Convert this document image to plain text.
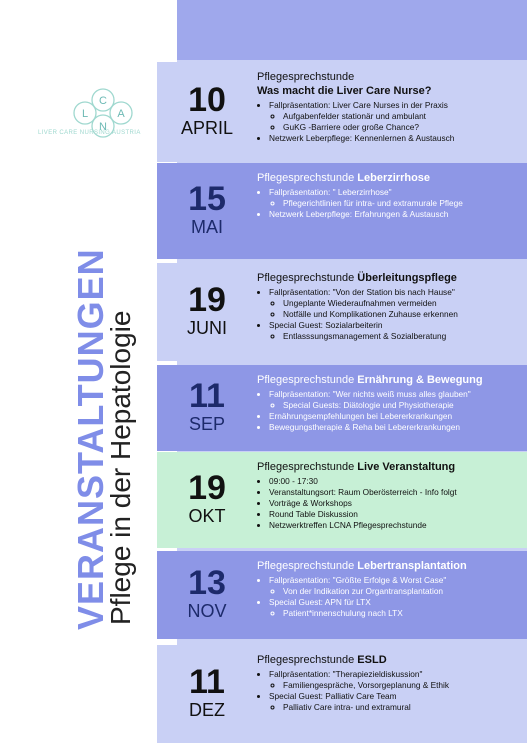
C
L	A
N
LIVER CARE NURSING AUSTRIA
VERANSTALTUNGEN
Pflege in der Hepatologie
10
APRIL
Pflegesprechstunde
Was macht die Liver Care Nurse?
• Fallpräsentation: Liver Care Nurses in der Praxis
◦ Aufgabenfelder stationär und ambulant
◦ GuKG -Barriere oder große Chance?
• Netzwerk Leberpflege: Kennenlernen & Austausch
15
MAI
Pflegesprechstunde Leberzirrhose
• Fallpräsentation: " Leberzirrhose"
◦ Pflegerichtlinien für intra- und extramurale Pflege
• Netzwerk Leberpflege: Erfahrungen & Austausch
19
JUNI
Pflegesprechstunde Überleitungspflege
• Fallpräsentation: "Von der Station bis nach Hause"
◦ Ungeplante Wiederaufnahmen vermeiden
◦ Notfälle und Komplikationen Zuhause erkennen
• Special Guest: Sozialarbeiterin
◦ Entlasssungsmanagement & Sozialberatung
11
SEP
Pflegesprechstunde Ernährung & Bewegung
• Fallpräsentation: "Wer nichts weiß muss alles glauben"
◦ Special Guests: Diätologie und Physiotherapie
• Ernährungsempfehlungen bei Lebererkrankungen
• Bewegungstherapie & Reha bei Lebererkrankungen
19
OKT
Pflegesprechstunde Live Veranstaltung
• 09:00 - 17:30
• Veranstaltungsort: Raum Oberösterreich - Info folgt
• Vorträge & Workshops
• Round Table Diskussion
• Netzwerktreffen LCNA Pflegesprechstunde
13
NOV
Pflegesprechstunde Lebertransplantation
• Fallpräsentation: "Größte Erfolge & Worst Case"
◦ Von der Indikation zur Organtransplantation
• Special Guest: APN für LTX
◦ Patient*innenschulung nach LTX
11
DEZ
Pflegesprechstunde ESLD
• Fallpräsentation: "Therapiezieldiskussion"
◦ Familiengespräche, Vorsorgeplanung & Ethik
• Special Guest: Palliativ Care Team
◦ Palliativ Care intra- und extramural
